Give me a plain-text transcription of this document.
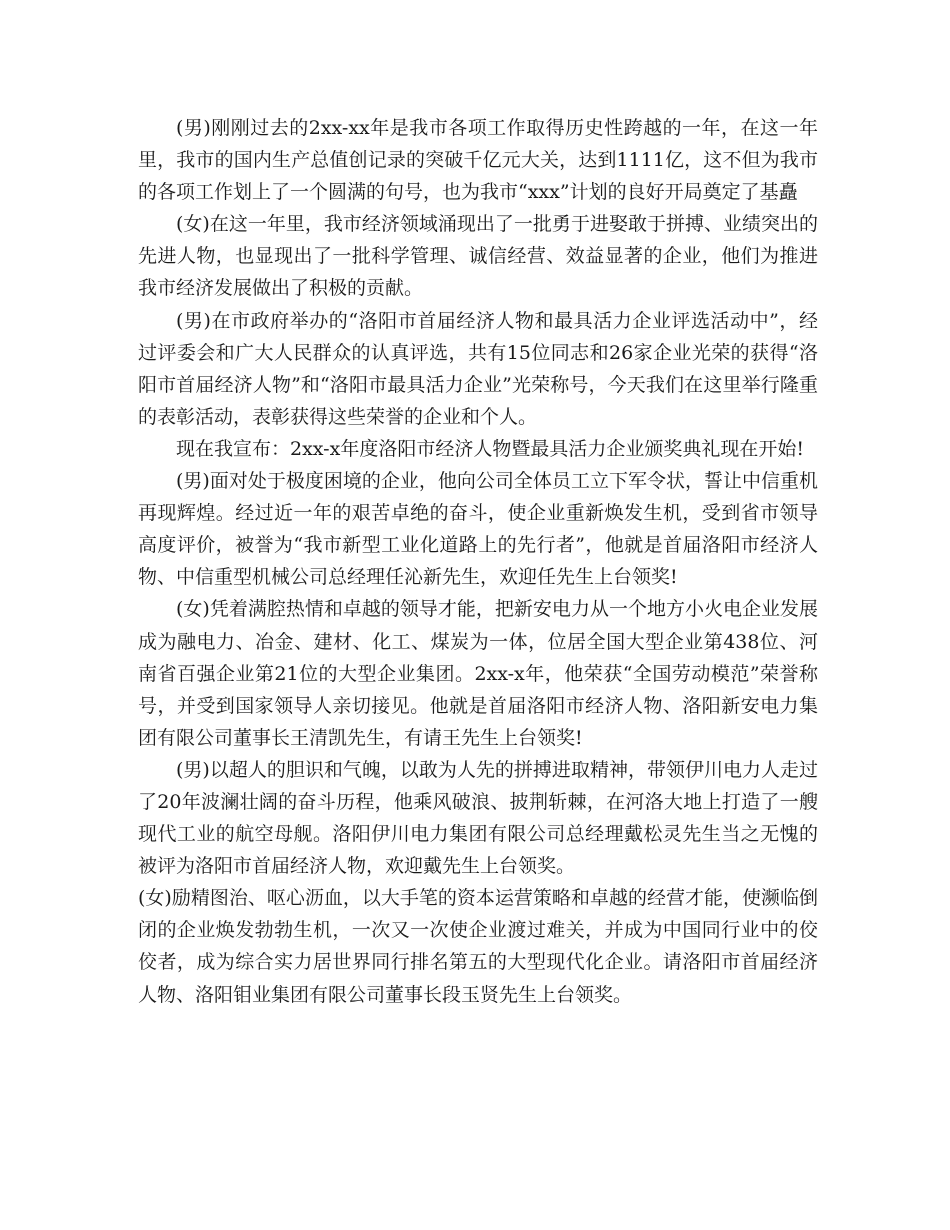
(男)刚刚过去的2xx-xx年是我市各项工作取得历史性跨越的一年，在这一年里，我市的国内生产总值创记录的突破千亿元大关，达到1111亿，这不但为我市的各项工作划上了一个圆满的句号，也为我市“xxx”计划的良好开局奠定了基矗

(女)在这一年里，我市经济领域涌现出了一批勇于进娶敢于拼搏、业绩突出的先进人物，也显现出了一批科学管理、诚信经营、效益显著的企业，他们为推进我市经济发展做出了积极的贡献。

(男)在市政府举办的“洛阳市首届经济人物和最具活力企业评选活动中”，经过评委会和广大人民群众的认真评选，共有15位同志和26家企业光荣的获得“洛阳市首届经济人物”和“洛阳市最具活力企业”光荣称号，今天我们在这里举行隆重的表彰活动，表彰获得这些荣誉的企业和个人。

现在我宣布：2xx-x年度洛阳市经济人物暨最具活力企业颁奖典礼现在开始!

(男)面对处于极度困境的企业，他向公司全体员工立下军令状，誓让中信重机再现辉煌。经过近一年的艰苦卓绝的奋斗，使企业重新焕发生机，受到省市领导高度评价，被誉为“我市新型工业化道路上的先行者”，他就是首届洛阳市经济人物、中信重型机械公司总经理任沁新先生，欢迎任先生上台领奖!

(女)凭着满腔热情和卓越的领导才能，把新安电力从一个地方小火电企业发展成为融电力、冶金、建材、化工、煤炭为一体，位居全国大型企业第438位、河南省百强企业第21位的大型企业集团。2xx-x年，他荣获“全国劳动模范”荣誉称号，并受到国家领导人亲切接见。他就是首届洛阳市经济人物、洛阳新安电力集团有限公司董事长王清凯先生，有请王先生上台领奖!

(男)以超人的胆识和气魄，以敢为人先的拼搏进取精神，带领伊川电力人走过了20年波澜壮阔的奋斗历程，他乘风破浪、披荆斩棘，在河洛大地上打造了一艘现代工业的航空母舰。洛阳伊川电力集团有限公司总经理戴松灵先生当之无愧的被评为洛阳市首届经济人物，欢迎戴先生上台领奖。

(女)励精图治、呕心沥血，以大手笔的资本运营策略和卓越的经营才能，使濒临倒闭的企业焕发勃勃生机，一次又一次使企业渡过难关，并成为中国同行业中的佼佼者，成为综合实力居世界同行排名第五的大型现代化企业。请洛阳市首届经济人物、洛阳钼业集团有限公司董事长段玉贤先生上台领奖。
